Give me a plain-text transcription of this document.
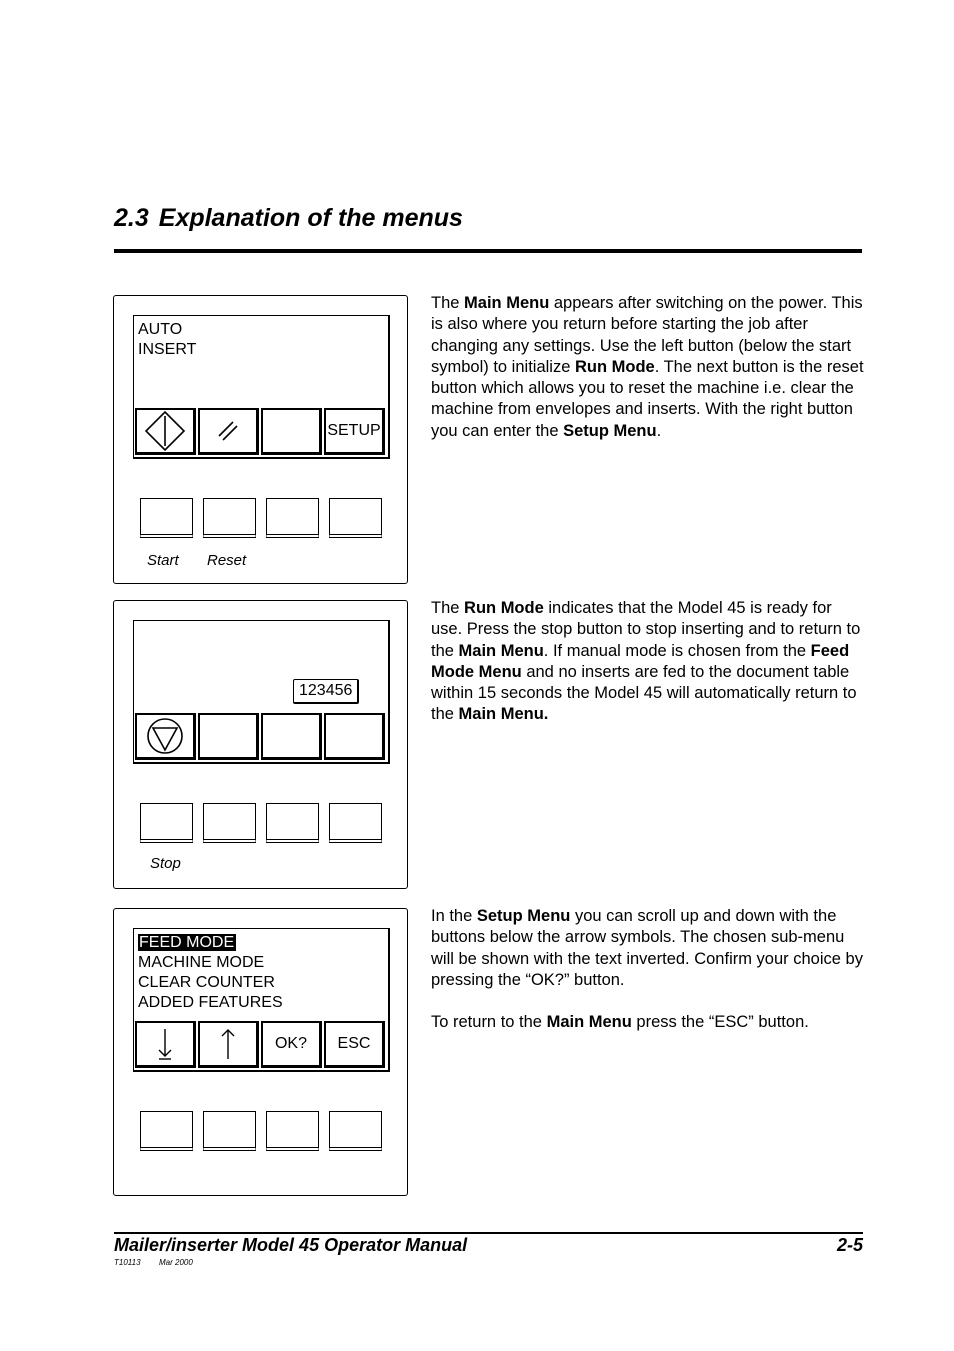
2.3 Explanation of the menus
AUTO
INSERT
SETUP
Start Reset
The Main Menu appears after switching on the power. This is also where you return before starting the job after changing any settings. Use the left button (below the start symbol) to initialize Run Mode. The next button is the reset button which allows you to reset the machine i.e. clear the machine from envelopes and inserts. With the right button you can enter the Setup Menu.
123456
Stop
The Run Mode indicates that the Model 45 is ready for use. Press the stop button to stop inserting and to return to the Main Menu. If manual mode is chosen from the Feed Mode Menu and no inserts are fed to the document table within 15 seconds the Model 45 will automatically return to the Main Menu.
FEED MODE
MACHINE MODE
CLEAR COUNTER
ADDED FEATURES
OK?	ESC

In the Setup Menu you can scroll up and down with the buttons below the arrow symbols. The chosen sub-menu will be shown with the text inverted. Confirm your choice by pressing the “OK?” button.

To return to the Main Menu press the “ESC” button.

Mailer/inserter Model 45 Operator Manual	2-5
T10113 Mar 2000
